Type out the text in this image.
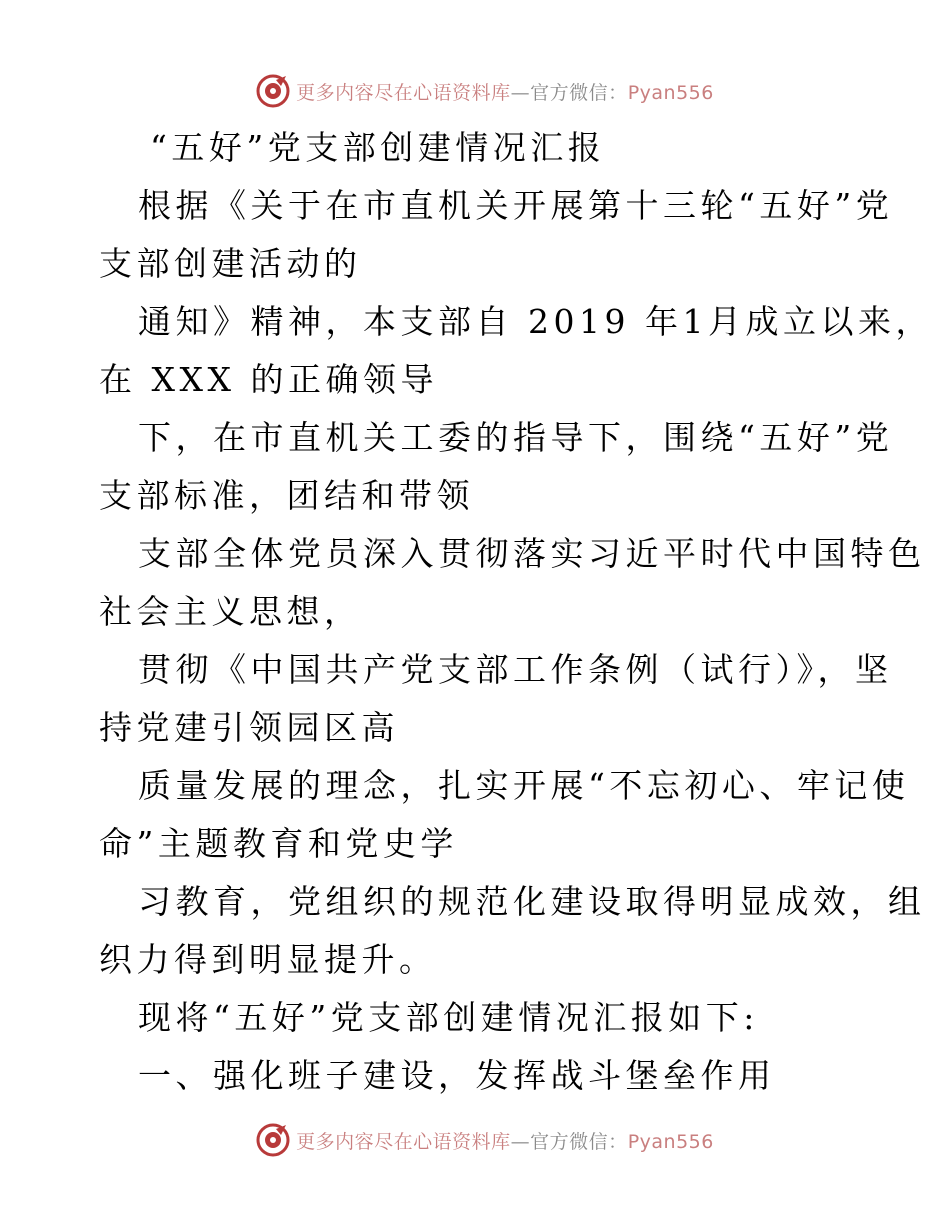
更多内容尽在心语资料库—官方微信：Pyan556
“五好”党支部创建情况汇报
根据《关于在市直机关开展第十三轮“五好”党
支部创建活动的
通知》精神，本支部自 2019 年1月成立以来，
在 XXX 的正确领导
下，在市直机关工委的指导下，围绕“五好”党
支部标准，团结和带领
支部全体党员深入贯彻落实习近平时代中国特色
社会主义思想，
贯彻《中国共产党支部工作条例（试行）》，坚
持党建引领园区高
质量发展的理念，扎实开展“不忘初心、牢记使
命”主题教育和党史学
习教育，党组织的规范化建设取得明显成效，组
织力得到明显提升。
现将“五好”党支部创建情况汇报如下:
一、强化班子建设，发挥战斗堡垒作用
更多内容尽在心语资料库—官方微信：Pyan556
